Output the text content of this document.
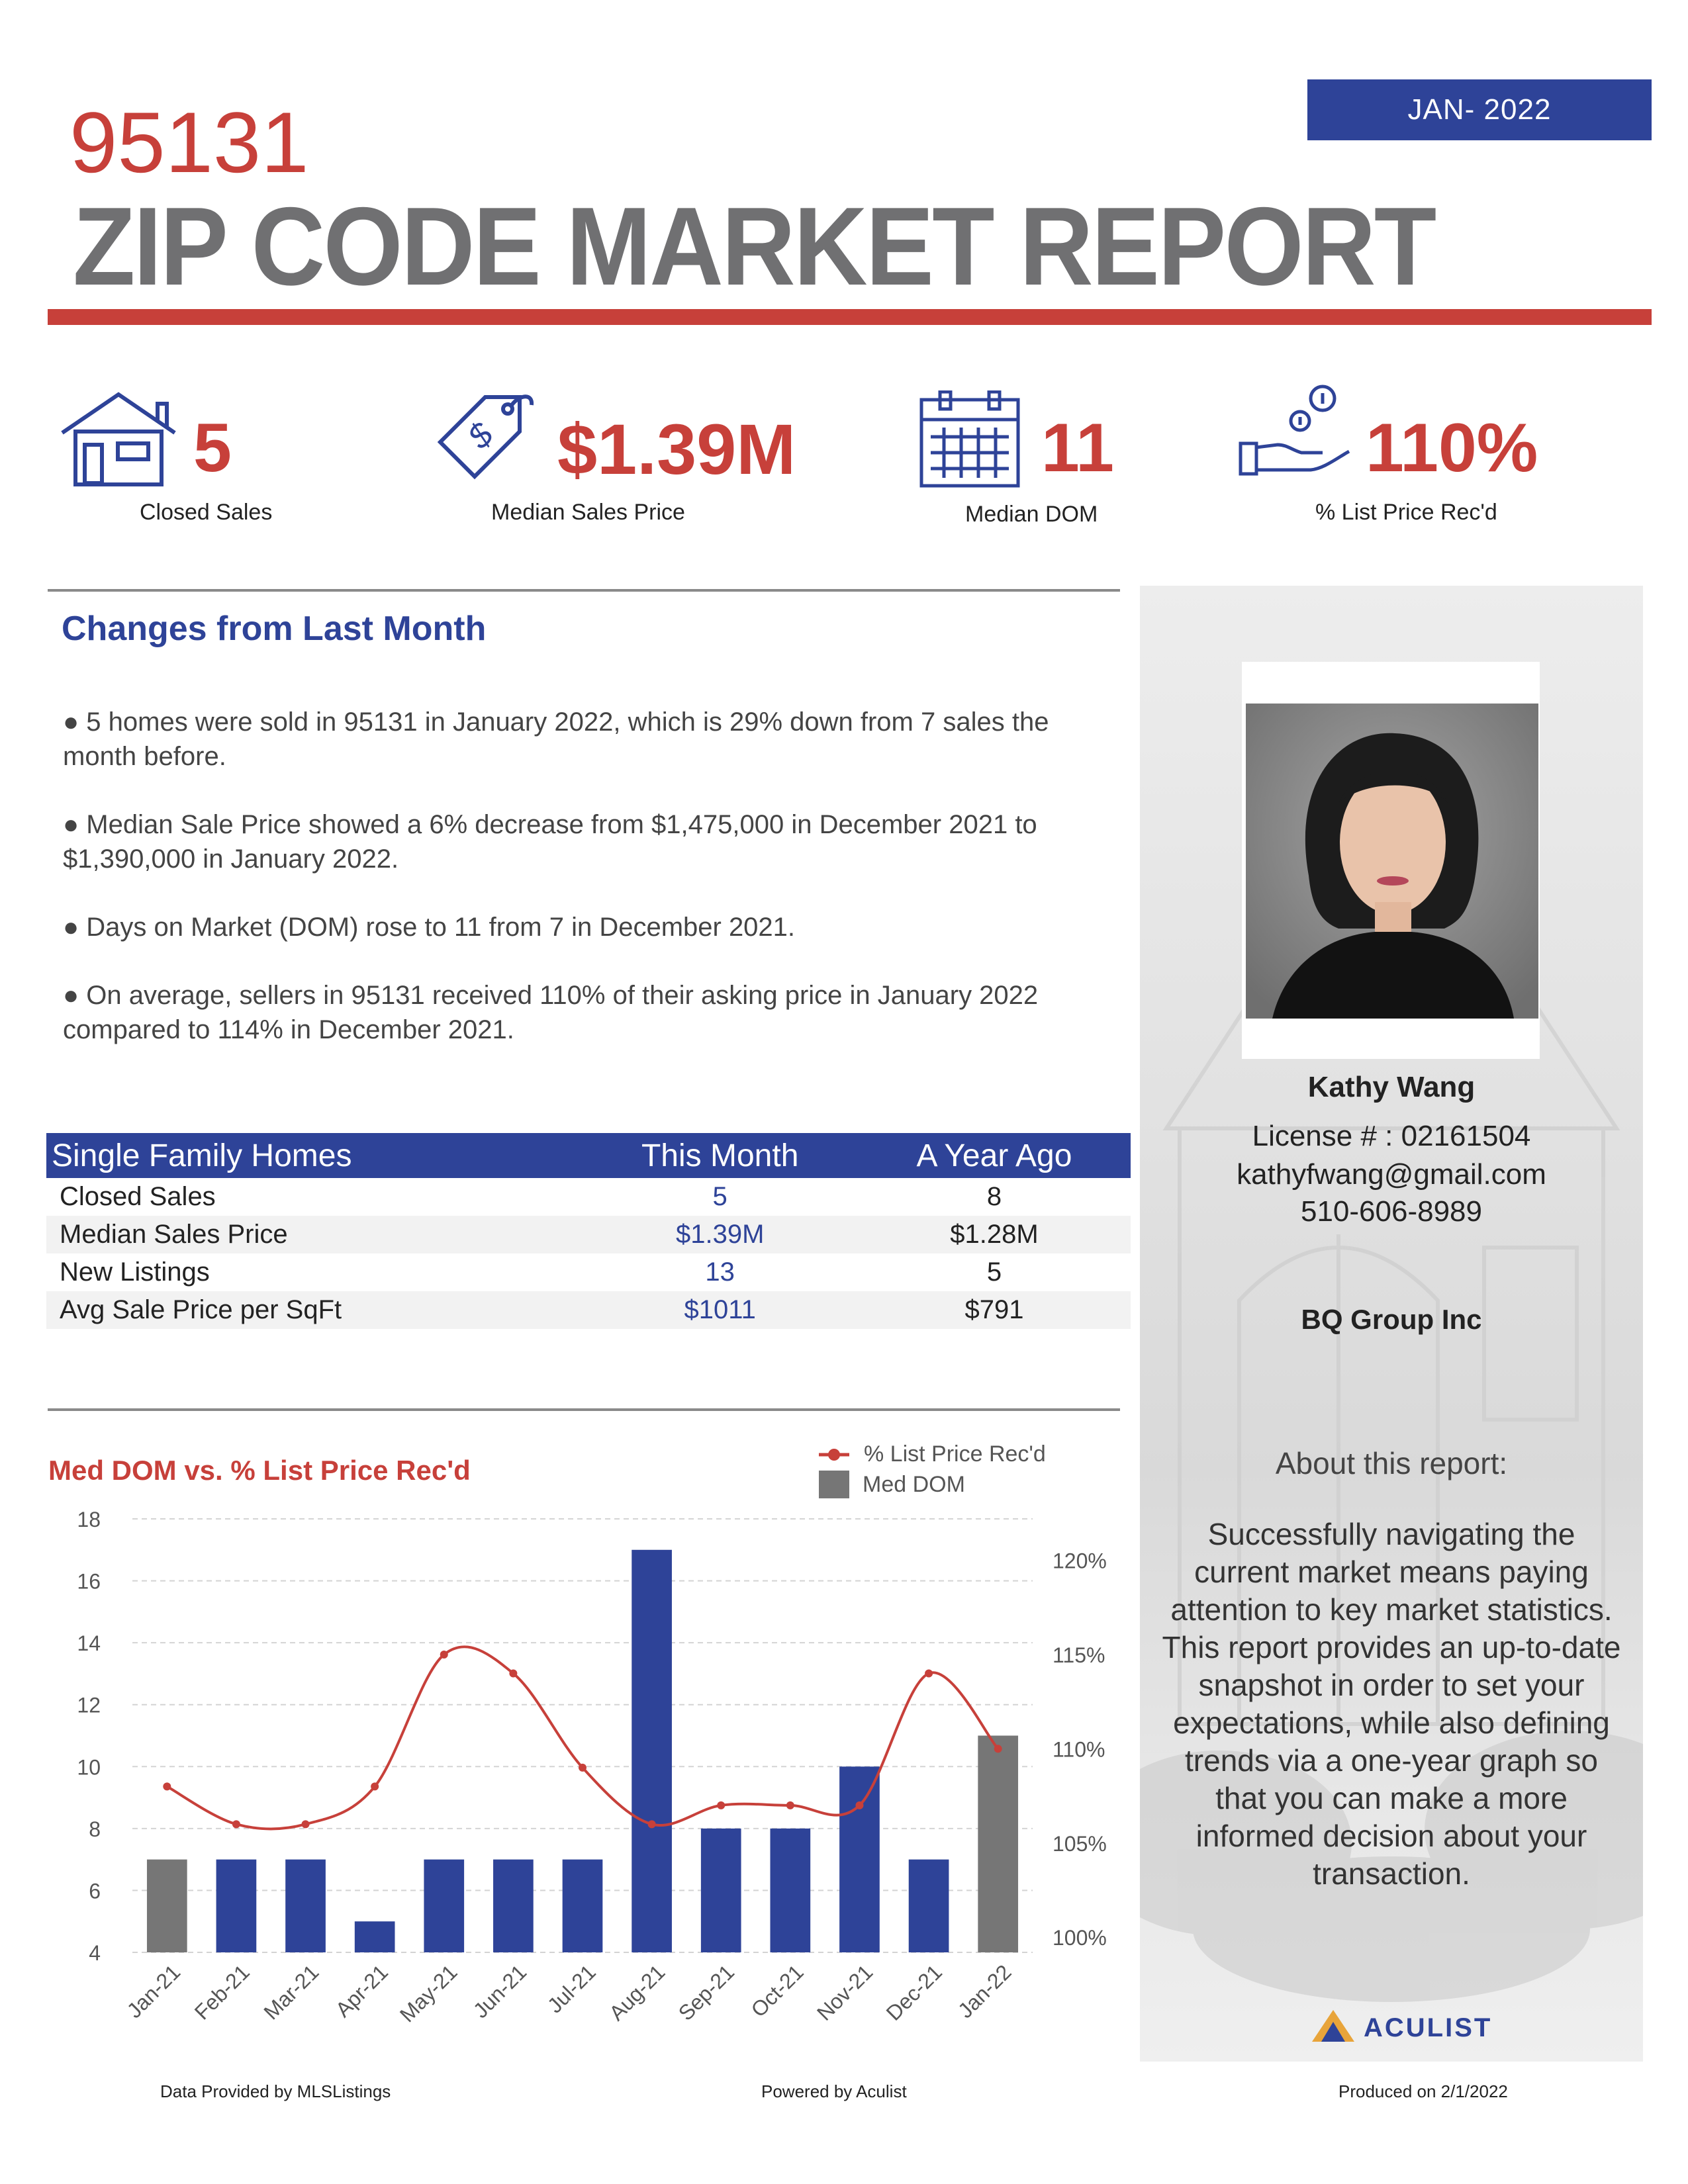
JAN- 2022
95131
ZIP CODE MARKET REPORT
5
Closed Sales
$ $1.39M
Median Sales Price
11
Median DOM
110%
% List Price Rec'd
Kathy Wang
License # : 02161504
kathyfwang@gmail.com
510-606-8989
BQ Group Inc
About this report:
Successfully navigating the current market means paying attention to key market statistics. This report provides an up-to-date snapshot in order to set your expectations, while also defining trends via a one-year graph so that you can make a more informed decision about your transaction.
ACULIST
Changes from Last Month

● 5 homes were sold in 95131 in January 2022, which is 29% down from 7 sales the month before.

● Median Sale Price showed a 6% decrease from $1,475,000 in December 2021 to $1,390,000 in January 2022.

● Days on Market (DOM) rose to 11 from 7 in December 2021.

● On average, sellers in 95131 received 110% of their asking price in January 2022 compared to 114% in December 2021.

Single Family Homes	This Month	A Year Ago
Closed Sales	5	8
Median Sales Price	$1.39M	$1.28M
New Listings	13	5
Avg Sale Price per SqFt	$1011	$791
Med DOM vs. % List Price Rec'd
% List Price Rec'd
Med DOM
4
6
8
10
12
14
16
18
100%
105%
110%
115%
120%
Jan-21 Feb-21 Mar-21 Apr-21 May-21 Jun-21 Jul-21 Aug-21 Sep-21 Oct-21 Nov-21 Dec-21 Jan-22
Data Provided by MLSListings	Powered by Aculist	Produced on 2/1/2022
